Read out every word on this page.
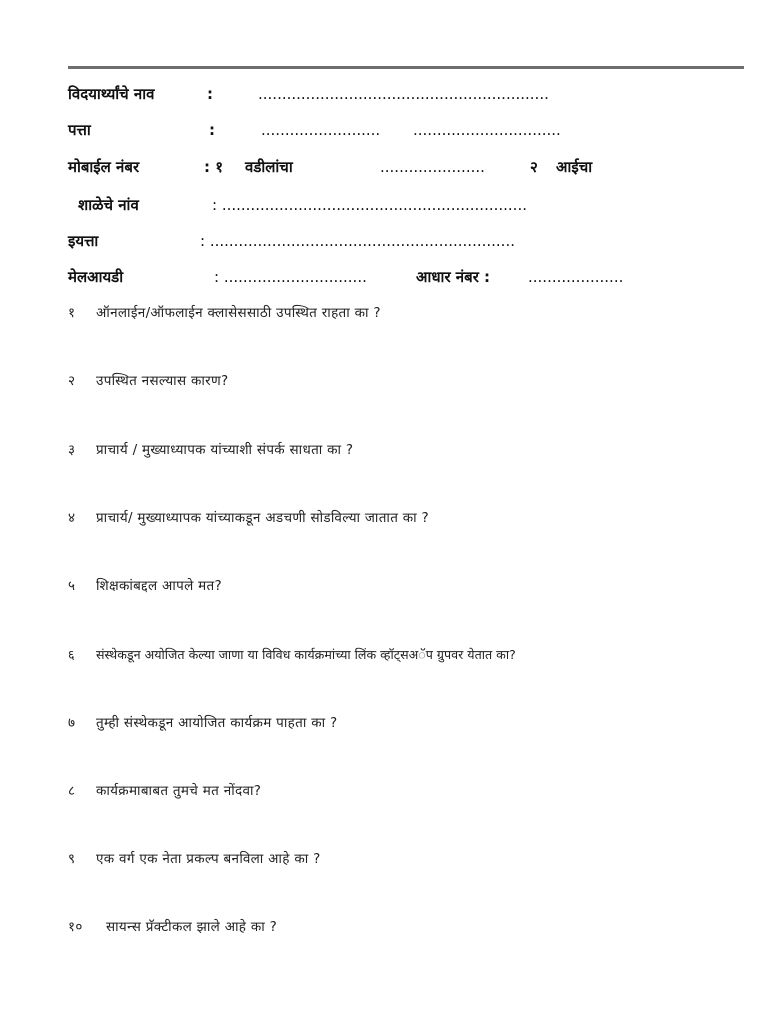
विदयार्थ्यांचे नाव	:	.............................................................
पत्ता	:	......................... ...............................
मोबाईल नंबर	: १ वडीलांचा	......................	२ आईचा
शाळेचे नांव	: ................................................................
इयत्ता	: ................................................................
मेलआयडी	: ..............................	आधार नंबर :	....................
१ ऑनलाईन/ऑफलाईन क्लासेससाठी उपस्थित राहता का ?
२ उपस्थित नसल्यास कारण?
३ प्राचार्य / मुख्याध्यापक यांच्याशी संपर्क साधता का ?
४ प्राचार्य/ मुख्याध्यापक यांच्याकडून अडचणी सोडविल्या जातात का ?
५ शिक्षकांबद्दल आपले मत?
६ संस्थेकडून अयोजित केल्या जाणा या विविध कार्यक्रमांच्या लिंक व्हॉट्सअॅप ग्रुपवर येतात का?
७ तुम्ही संस्थेकडून आयोजित कार्यक्रम पाहता का ?
८ कार्यक्रमाबाबत तुमचे मत नोंदवा?
९ एक वर्ग एक नेता प्रकल्प बनविला आहे का ?
१० सायन्स प्रॅक्टीकल झाले आहे का ?
